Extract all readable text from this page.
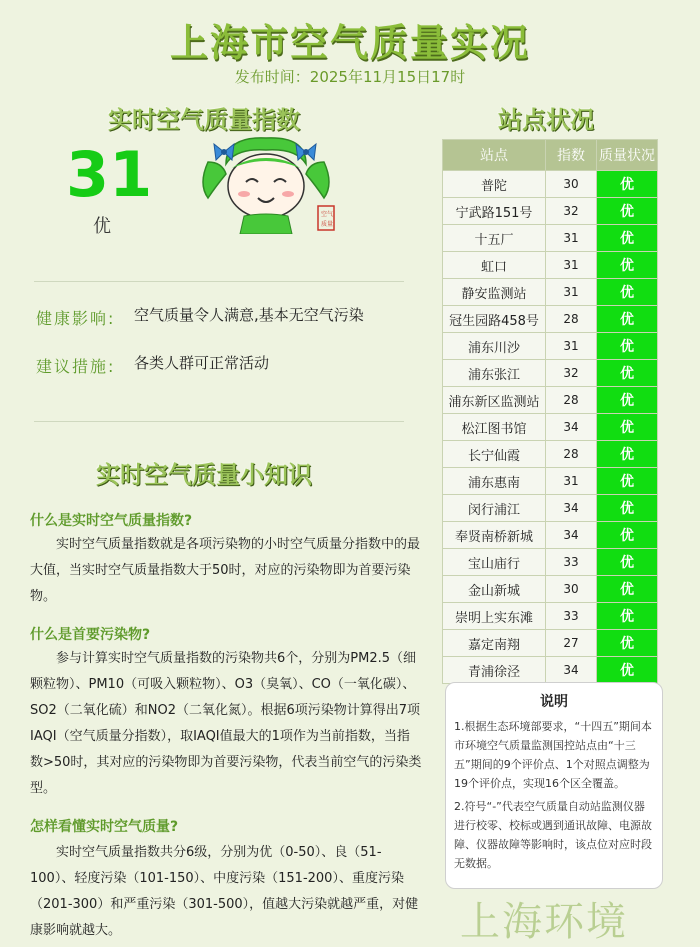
上海市空气质量实况
发布时间：2025年11月15日17时
实时空气质量指数
31
优
空气
质量
健康影响: 空气质量令人满意,基本无空气污染
建议措施: 各类人群可正常活动
实时空气质量小知识
什么是实时空气质量指数?
实时空气质量指数就是各项污染物的小时空气质量分指数中的最大值，当实时空气质量指数大于50时，对应的污染物即为首要污染物。
什么是首要污染物?
参与计算实时空气质量指数的污染物共6个，分别为PM2.5（细颗粒物）、PM10（可吸入颗粒物）、O3（臭氧）、CO（一氧化碳）、SO2（二氧化硫）和NO2（二氧化氮）。根据6项污染物计算得出7项IAQI（空气质量分指数），取IAQI值最大的1项作为当前指数，当指数>50时，其对应的污染物即为首要污染物，代表当前空气的污染类型。
怎样看懂实时空气质量?
实时空气质量指数共分6级，分别为优（0-50）、良（51-100）、轻度污染（101-150）、中度污染（151-200）、重度污染（201-300）和严重污染（301-500），值越大污染就越严重，对健康影响就越大。
站点状况
站点	指数	质量状况
普陀	30	优
宁武路151号	32	优
十五厂	31	优
虹口	31	优
静安监测站	31	优
冠生园路458号	28	优
浦东川沙	31	优
浦东张江	32	优
浦东新区监测站	28	优
松江图书馆	34	优
长宁仙霞	28	优
浦东惠南	31	优
闵行浦江	34	优
奉贤南桥新城	34	优
宝山庙行	33	优
金山新城	30	优
崇明上实东滩	33	优
嘉定南翔	27	优
青浦徐泾	34	优
说明
1.根据生态环境部要求，“十四五”期间本市环境空气质量监测国控站点由“十三五”期间的9个评价点、1个对照点调整为19个评价点，实现16个区全覆盖。
2.符号“-”代表空气质量自动站监测仪器进行校零、校标或遇到通讯故障、电源故障、仪器故障等影响时，该点位对应时段无数据。
上海环境
